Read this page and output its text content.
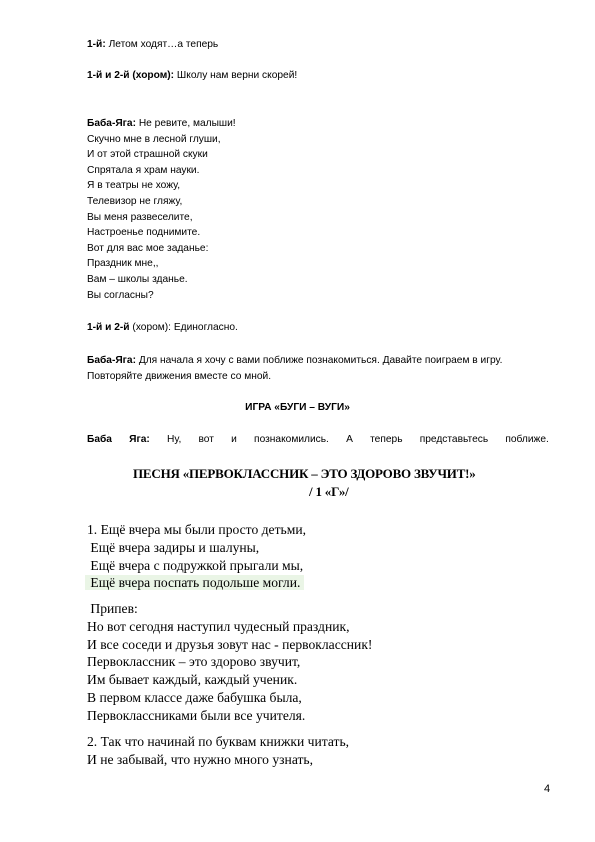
1-й: Летом ходят…а теперь
1-й и 2-й (хором): Школу нам верни скорей!
Баба-Яга: Не ревите, малыши!
Скучно мне в лесной глуши,
И от этой страшной скуки
Спрятала я храм науки.
Я в театры не хожу,
Телевизор не гляжу,
Вы меня развеселите,
Настроенье поднимите.
Вот для вас мое заданье:
Праздник мне,,
Вам – школы зданье.
Вы согласны?
1-й и 2-й (хором): Единогласно.
Баба-Яга: Для начала я хочу с вами поближе познакомиться. Давайте поиграем в игру.
Повторяйте движения вместе со мной.
ИГРА «БУГИ – ВУГИ»
Баба Яга: Ну, вот и познакомились. А теперь представьтесь поближе.
ПЕСНЯ «ПЕРВОКЛАССНИК – ЭТО ЗДОРОВО ЗВУЧИТ!»
/ 1 «Г»/
1. Ещё вчера мы были просто детьми,
Ещё вчера задиры и шалуны,
Ещё вчера с подружкой прыгали мы,
Ещё вчера поспать подольше могли.
Припев:
Но вот сегодня наступил чудесный праздник,
И все соседи и друзья зовут нас - первоклассник!
Первоклассник – это здорово звучит,
Им бывает каждый, каждый ученик.
В первом классе даже бабушка была,
Первоклассниками были все учителя.
2. Так что начинай по буквам книжки читать,
И не забывай, что нужно много узнать,
4
